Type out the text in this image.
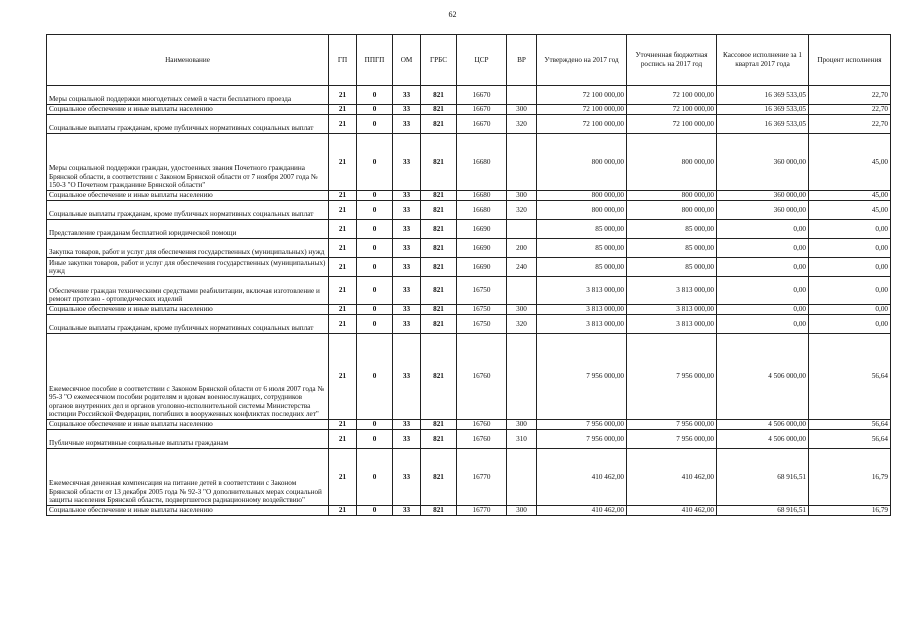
62
Наименование	ГП	ППГП	ОМ	ГРБС	ЦСР	ВР	Утверждено на 2017 год	Уточненная бюджетная роспись на 2017 год	Кассовое исполнение за 1 квартал 2017 года	Процент исполнения
Меры социальной поддержки многодетных семей в части бесплатного проезда	21	0	33	821	16670		72 100 000,00	72 100 000,00	16 369 533,05	22,70
Социальное обеспечение и иные выплаты населению	21	0	33	821	16670	300	72 100 000,00	72 100 000,00	16 369 533,05	22,70
Социальные выплаты гражданам, кроме публичных нормативных социальных выплат	21	0	33	821	16670	320	72 100 000,00	72 100 000,00	16 369 533,05	22,70
Меры социальной поддержки граждан, удостоенных звания Почетного гражданина Брянской области, в соответствии с Законом Брянской области от 7 ноября 2007 года № 150-З "О Почетном гражданине Брянской области"	21	0	33	821	16680		800 000,00	800 000,00	360 000,00	45,00
Социальное обеспечение и иные выплаты населению	21	0	33	821	16680	300	800 000,00	800 000,00	360 000,00	45,00
Социальные выплаты гражданам, кроме публичных нормативных социальных выплат	21	0	33	821	16680	320	800 000,00	800 000,00	360 000,00	45,00
Представление гражданам бесплатной юридической помощи	21	0	33	821	16690		85 000,00	85 000,00	0,00	0,00
Закупка товаров, работ и услуг для обеспечения государственных (муниципальных) нужд	21	0	33	821	16690	200	85 000,00	85 000,00	0,00	0,00
Иные закупки товаров, работ и услуг для обеспечения государственных (муниципальных) нужд	21	0	33	821	16690	240	85 000,00	85 000,00	0,00	0,00
Обеспечение граждан техническими средствами реабилитации, включая изготовление и ремонт протезно - ортопедических изделий	21	0	33	821	16750		3 813 000,00	3 813 000,00	0,00	0,00
Социальное обеспечение и иные выплаты населению	21	0	33	821	16750	300	3 813 000,00	3 813 000,00	0,00	0,00
Социальные выплаты гражданам, кроме публичных нормативных социальных выплат	21	0	33	821	16750	320	3 813 000,00	3 813 000,00	0,00	0,00
Ежемесячное пособие в соответствии с Законом Брянской области от 6 июля 2007 года № 95-З "О ежемесячном пособии родителям и вдовам военнослужащих, сотрудников органов внутренних дел и органов уголовно-исполнительной системы Министерства юстиции Российской Федерации, погибших в вооруженных конфликтах последних лет"	21	0	33	821	16760		7 956 000,00	7 956 000,00	4 506 000,00	56,64
Социальное обеспечение и иные выплаты населению	21	0	33	821	16760	300	7 956 000,00	7 956 000,00	4 506 000,00	56,64
Публичные нормативные социальные выплаты гражданам	21	0	33	821	16760	310	7 956 000,00	7 956 000,00	4 506 000,00	56,64
Ежемесячная денежная компенсация на питание детей в соответствии с Законом Брянской области от 13 декабря 2005 года № 92-З "О дополнительных мерах социальной защиты населения Брянской области, подвергшегося радиационному воздействию"	21	0	33	821	16770		410 462,00	410 462,00	68 916,51	16,79
Социальное обеспечение и иные выплаты населению	21	0	33	821	16770	300	410 462,00	410 462,00	68 916,51	16,79
